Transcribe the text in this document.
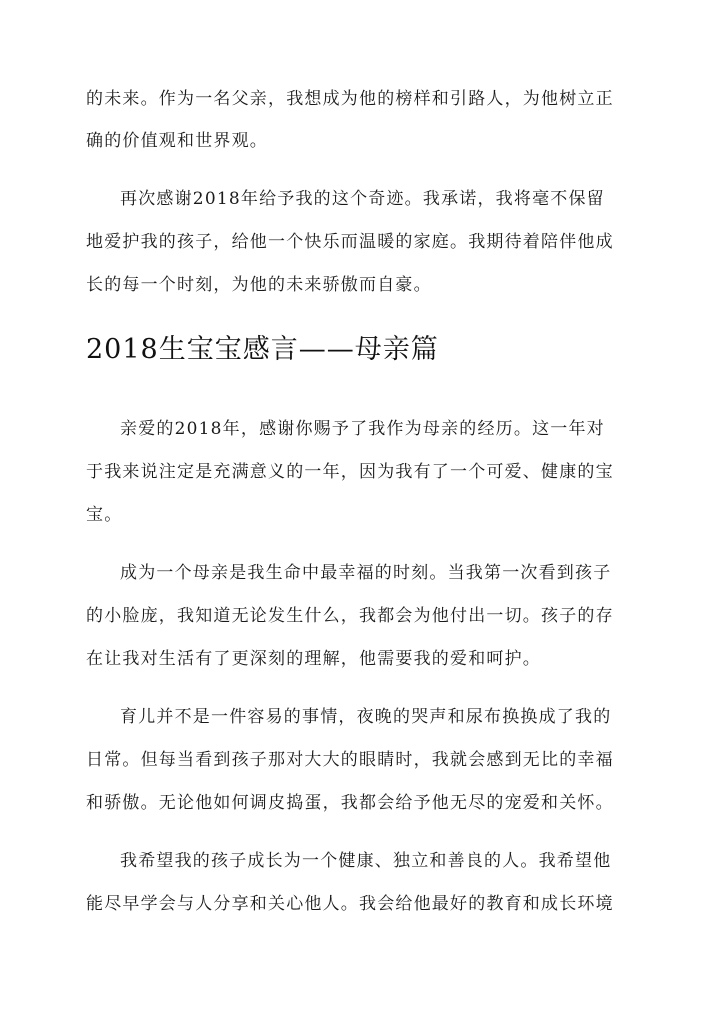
的未来。作为一名父亲，我想成为他的榜样和引路人，为他树立正
确的价值观和世界观。
再次感谢2018年给予我的这个奇迹。我承诺，我将毫不保留
地爱护我的孩子，给他一个快乐而温暖的家庭。我期待着陪伴他成
长的每一个时刻，为他的未来骄傲而自豪。
2018生宝宝感言——母亲篇
亲爱的2018年，感谢你赐予了我作为母亲的经历。这一年对
于我来说注定是充满意义的一年，因为我有了一个可爱、健康的宝
宝。
成为一个母亲是我生命中最幸福的时刻。当我第一次看到孩子
的小脸庞，我知道无论发生什么，我都会为他付出一切。孩子的存
在让我对生活有了更深刻的理解，他需要我的爱和呵护。
育儿并不是一件容易的事情，夜晚的哭声和尿布换换成了我的
日常。但每当看到孩子那对大大的眼睛时，我就会感到无比的幸福
和骄傲。无论他如何调皮捣蛋，我都会给予他无尽的宠爱和关怀。
我希望我的孩子成长为一个健康、独立和善良的人。我希望他
能尽早学会与人分享和关心他人。我会给他最好的教育和成长环境
